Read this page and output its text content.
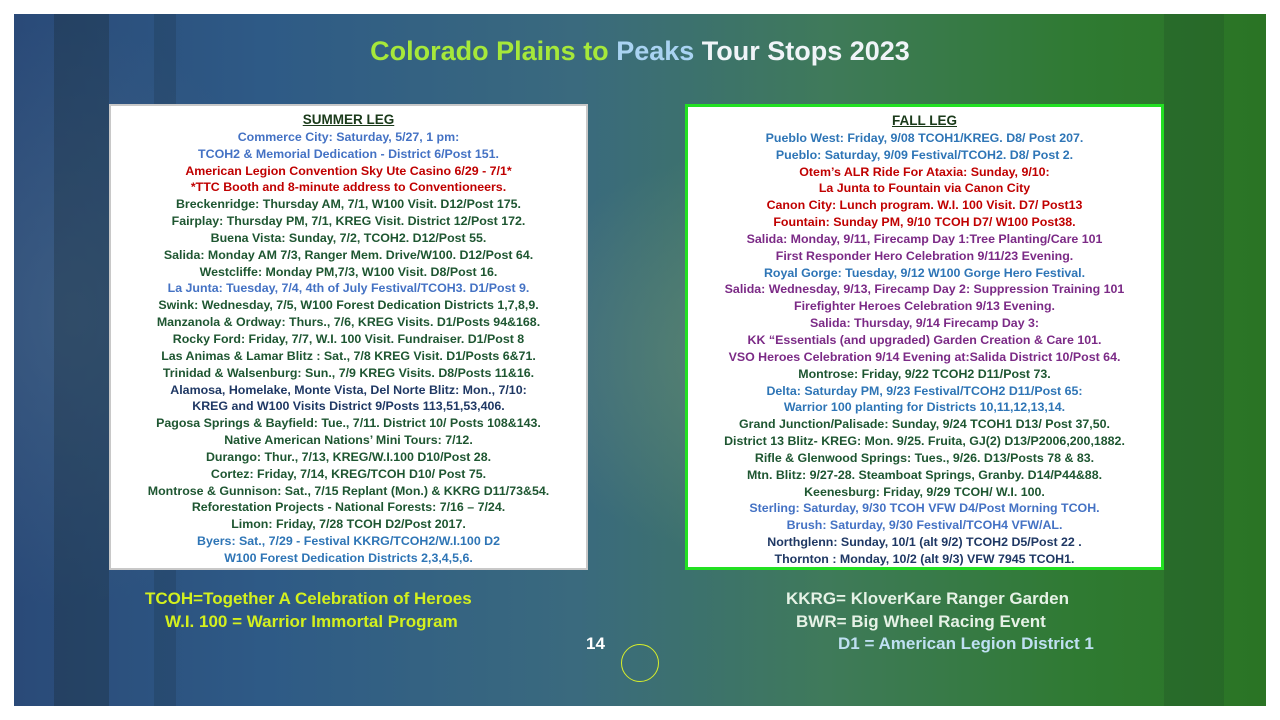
Colorado Plains to Peaks Tour Stops 2023
SUMMER LEG
Commerce City: Saturday, 5/27, 1 pm:
TCOH2 & Memorial Dedication - District 6/Post 151.
American Legion Convention Sky Ute Casino 6/29 - 7/1*
*TTC Booth and 8-minute address to Conventioneers.
Breckenridge: Thursday AM, 7/1, W100 Visit. D12/Post 175.
Fairplay: Thursday PM, 7/1, KREG Visit. District 12/Post 172.
Buena Vista: Sunday, 7/2, TCOH2. D12/Post 55.
Salida: Monday AM 7/3, Ranger Mem. Drive/W100. D12/Post 64.
Westcliffe: Monday PM,7/3, W100 Visit. D8/Post 16.
La Junta: Tuesday, 7/4, 4th of July Festival/TCOH3. D1/Post 9.
Swink: Wednesday, 7/5, W100 Forest Dedication Districts 1,7,8,9.
Manzanola & Ordway: Thurs., 7/6, KREG Visits. D1/Posts 94&168.
Rocky Ford: Friday, 7/7, W.I. 100 Visit. Fundraiser. D1/Post 8
Las Animas & Lamar Blitz : Sat., 7/8 KREG Visit. D1/Posts 6&71.
Trinidad & Walsenburg: Sun., 7/9 KREG Visits. D8/Posts 11&16.
Alamosa, Homelake, Monte Vista, Del Norte Blitz: Mon., 7/10:
KREG and W100 Visits District 9/Posts 113,51,53,406.
Pagosa Springs & Bayfield: Tue., 7/11. District 10/ Posts 108&143.
Native American Nations’ Mini Tours: 7/12.
Durango: Thur., 7/13, KREG/W.I.100 D10/Post 28.
Cortez: Friday, 7/14, KREG/TCOH D10/ Post 75.
Montrose & Gunnison: Sat., 7/15 Replant (Mon.) & KKRG D11/73&54.
Reforestation Projects - National Forests: 7/16 – 7/24.
Limon: Friday, 7/28 TCOH D2/Post 2017.
Byers: Sat., 7/29 - Festival KKRG/TCOH2/W.I.100 D2
W100 Forest Dedication Districts 2,3,4,5,6.
FALL LEG
Pueblo West: Friday, 9/08 TCOH1/KREG. D8/ Post 207.
Pueblo: Saturday, 9/09 Festival/TCOH2. D8/ Post 2.
Otem’s ALR Ride For Ataxia: Sunday, 9/10:
La Junta to Fountain via Canon City
Canon City: Lunch program. W.I. 100 Visit. D7/ Post13
Fountain: Sunday PM, 9/10 TCOH D7/ W100 Post38.
Salida: Monday, 9/11, Firecamp Day 1:Tree Planting/Care 101
First Responder Hero Celebration 9/11/23 Evening.
Royal Gorge: Tuesday, 9/12 W100 Gorge Hero Festival.
Salida: Wednesday, 9/13, Firecamp Day 2: Suppression Training 101
Firefighter Heroes Celebration 9/13 Evening.
Salida: Thursday, 9/14 Firecamp Day 3:
KK “Essentials (and upgraded) Garden Creation & Care 101.
VSO Heroes Celebration 9/14 Evening at:Salida District 10/Post 64.
Montrose: Friday, 9/22 TCOH2 D11/Post 73.
Delta: Saturday PM, 9/23 Festival/TCOH2 D11/Post 65:
Warrior 100 planting for Districts 10,11,12,13,14.
Grand Junction/Palisade: Sunday, 9/24 TCOH1 D13/ Post 37,50.
District 13 Blitz- KREG: Mon. 9/25. Fruita, GJ(2) D13/P2006,200,1882.
Rifle & Glenwood Springs: Tues., 9/26. D13/Posts 78 & 83.
Mtn. Blitz: 9/27-28. Steamboat Springs, Granby. D14/P44&88.
Keenesburg: Friday, 9/29 TCOH/ W.I. 100.
Sterling: Saturday, 9/30 TCOH VFW D4/Post Morning TCOH.
Brush: Saturday, 9/30 Festival/TCOH4 VFW/AL.
Northglenn: Sunday, 10/1 (alt 9/2) TCOH2 D5/Post 22 .
Thornton : Monday, 10/2 (alt 9/3) VFW 7945 TCOH1.
TCOH=Together A Celebration of Heroes
W.I. 100 = Warrior Immortal Program
KKRG= KloverKare Ranger Garden
BWR= Big Wheel Racing Event
D1 = American Legion District 1
14
